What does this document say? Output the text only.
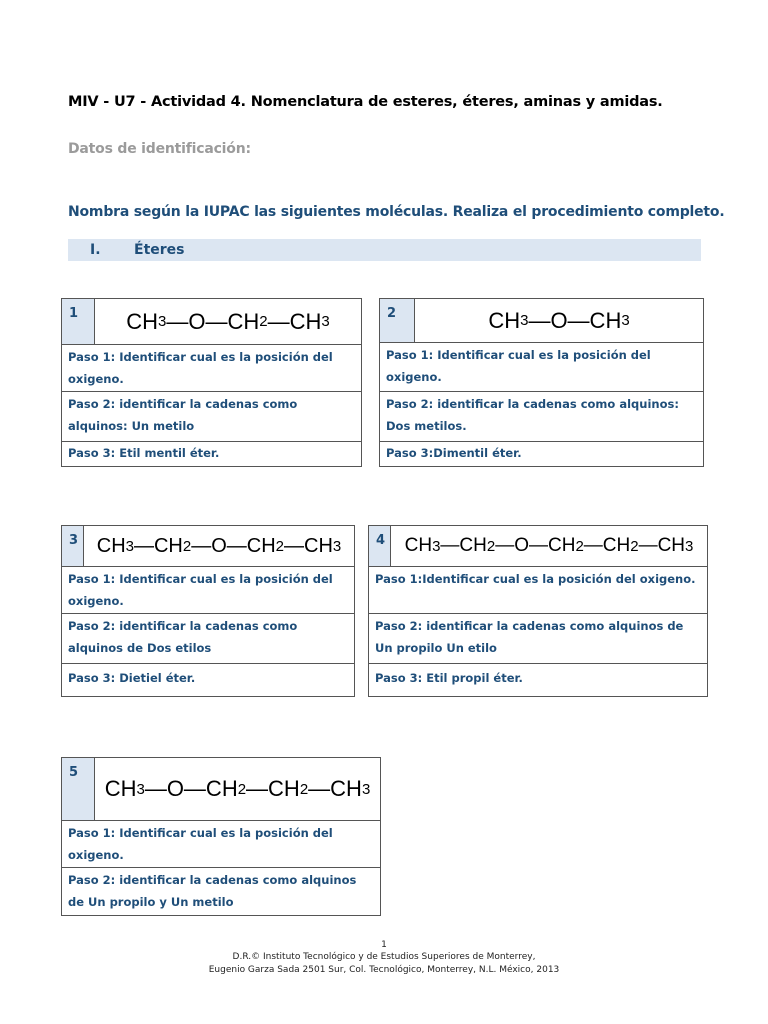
MIV - U7 - Actividad 4. Nomenclatura de esteres, éteres, aminas y amidas.
Datos de identificación:
Nombra según la IUPAC las siguientes moléculas. Realiza el procedimiento completo.
I. Éteres
1	CH 3 —O—CH 2 —CH 3
Paso 1: Identificar cual es la posición del oxigeno.
Paso 2: identificar la cadenas como alquinos: Un metilo
Paso 3: Etil mentil éter.
2	CH 3 —O—CH 3
Paso 1: Identificar cual es la posición del oxigeno.
Paso 2: identificar la cadenas como alquinos: Dos metilos.
Paso 3:Dimentil éter.
3 CH 3 —CH 2 —O—CH 2 —CH 3
Paso 1: Identificar cual es la posición del oxigeno.
Paso 2: identificar la cadenas como alquinos de Dos etilos
Paso 3: Dietiel éter.
4	CH 3 —CH 2 —O—CH 2 —CH 2 —CH 3
Paso 1:Identificar cual es la posición del oxigeno.
Paso 2: identificar la cadenas como alquinos de Un propilo Un etilo
Paso 3: Etil propil éter.
5
CH 3 —O—CH 2 —CH 2 —CH 3
Paso 1: Identificar cual es la posición del oxigeno.
Paso 2: identificar la cadenas como alquinos de Un propilo y Un metilo
1
D.R.© Instituto Tecnológico y de Estudios Superiores de Monterrey,
Eugenio Garza Sada 2501 Sur, Col. Tecnológico, Monterrey, N.L. México, 2013
